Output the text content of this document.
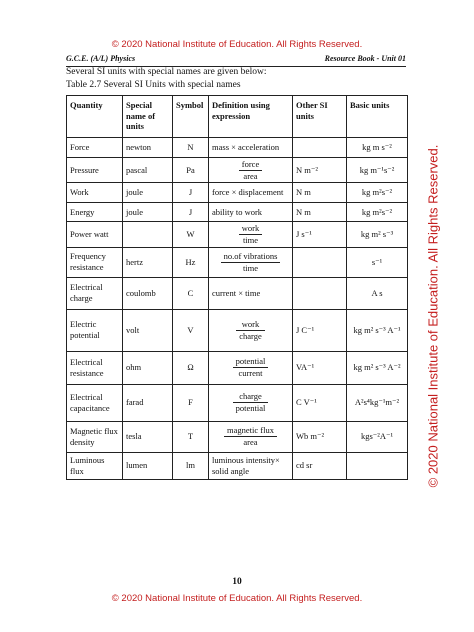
© 2020 National Institute of Education. All Rights Reserved.
G.C.E. (A/L) Physics	Resource Book - Unit 01
Several SI units with special names are given below:
Table 2.7 Several SI Units with special names
Quantity	Special name of units	Symbol	Definition using expression	Other SI units	Basic units
Force	newton	N	mass × acceleration		kg m s⁻²
Pressure	pascal	Pa	$\frac{\text{force}}{\text{area}}$	N m⁻²	kg m⁻¹s⁻²
Work	joule	J	force × displacement	N m	kg m²s⁻²
Energy	joule	J	ability to work	N m	kg m²s⁻²
Power watt		W	$\frac{\text{work}}{\text{time}}$	J s⁻¹	kg m² s⁻³
Frequency resistance	hertz	Hz	$\frac{\text{no.of vibrations}}{\text{time}}$		s⁻¹
Electrical charge	coulomb	C	current × time		A s
Electric potential	volt	V	$\frac{\text{work}}{\text{charge}}$	J C⁻¹	kg m² s⁻³ A⁻¹
Electrical resistance	ohm	Ω	$\frac{\text{potential}}{\text{current}}$	VA⁻¹	kg m² s⁻³ A⁻²
Electrical capacitance	farad	F	$\frac{\text{charge}}{\text{potential}}$	C V⁻¹	A²s⁴kg⁻¹m⁻²
Magnetic flux density	tesla	T	$\frac{\text{magnetic flux}}{\text{area}}$	Wb m⁻²	kgs⁻²A⁻¹
Luminous flux	lumen	lm	luminous intensity× solid angle	cd sr	
10
© 2020 National Institute of Education. All Rights Reserved.
© 2020 National Institute of Education. All Rights Reserved.
